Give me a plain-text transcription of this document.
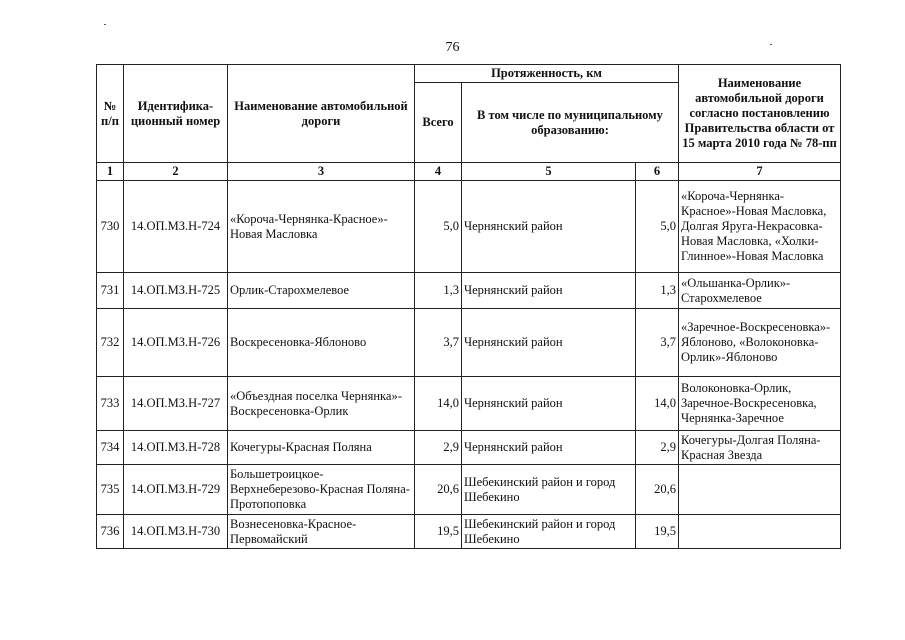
76
№ п/п	Идентифика-ционный номер	Наименование автомобильной дороги	Протяженность, км			Наименование автомобильной дороги согласно постановлению Правительства области от 15 марта 2010 года № 78-пп
			Всего	В том числе по муниципальному образованию:		
1	2	3	4	5	6	7
730	14.ОП.МЗ.Н-724	«Короча-Чернянка-Красное»-Новая Масловка	5,0	Чернянский район	5,0	«Короча-Чернянка-Красное»-Новая Масловка, Долгая Яруга-Некрасовка-Новая Масловка, «Холки-Глинное»-Новая Масловка
731	14.ОП.МЗ.Н-725	Орлик-Старохмелевое	1,3	Чернянский район	1,3	«Ольшанка-Орлик»-Старохмелевое
732	14.ОП.МЗ.Н-726	Воскресеновка-Яблоново	3,7	Чернянский район	3,7	«Заречное-Воскресеновка»-Яблоново, «Волоконовка-Орлик»-Яблоново
733	14.ОП.МЗ.Н-727	«Объездная поселка Чернянка»-Воскресеновка-Орлик	14,0	Чернянский район	14,0	Волоконовка-Орлик, Заречное-Воскресеновка, Чернянка-Заречное
734	14.ОП.МЗ.Н-728	Кочегуры-Красная Поляна	2,9	Чернянский район	2,9	Кочегуры-Долгая Поляна-Красная Звезда
735	14.ОП.МЗ.Н-729	Большетроицкое-Верхнеберезово-Красная Поляна-Протопоповка	20,6	Шебекинский район и город Шебекино	20,6	
736	14.ОП.МЗ.Н-730	Вознесеновка-Красное-Первомайский	19,5	Шебекинский район и город Шебекино	19,5	
